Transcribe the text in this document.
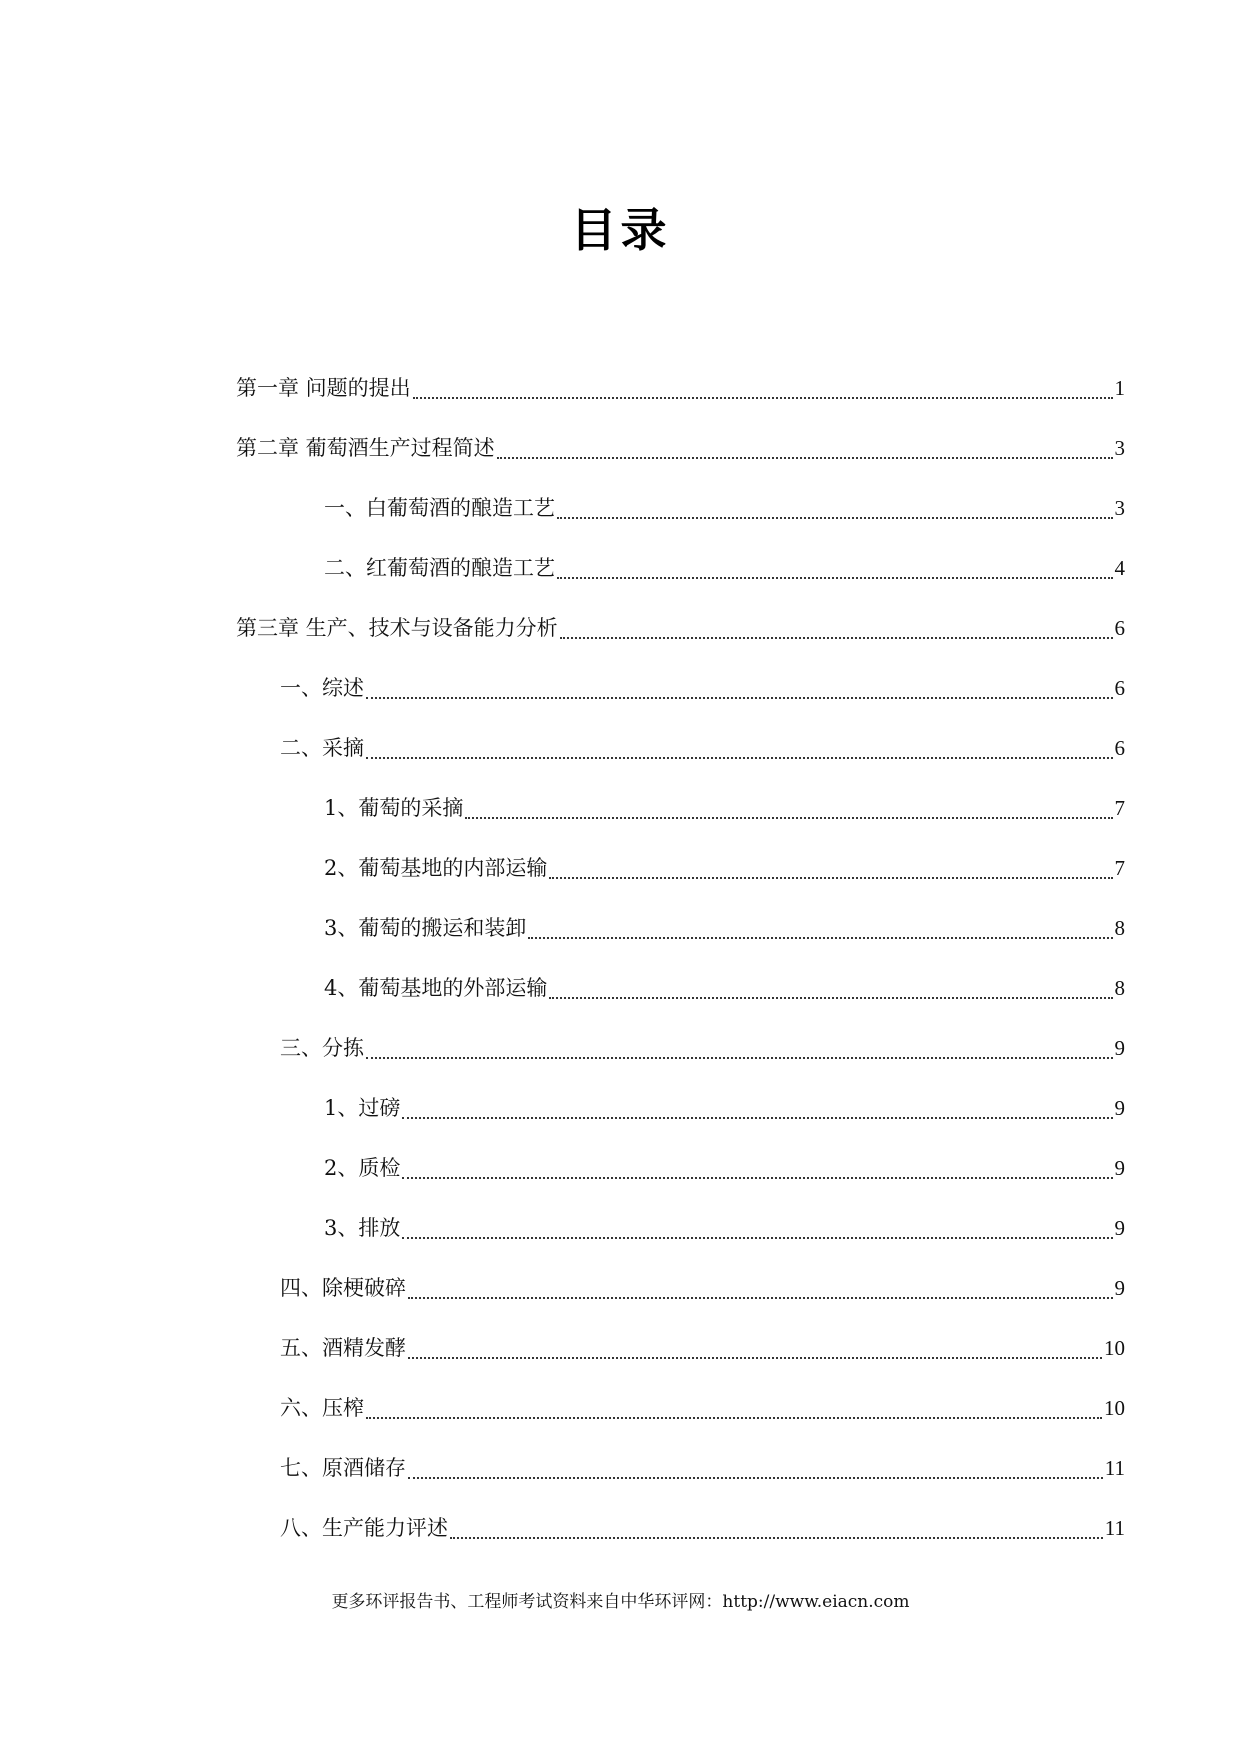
目录
第一章 问题的提出	1
第二章 葡萄酒生产过程简述	3
一、白葡萄酒的酿造工艺	3
二、红葡萄酒的酿造工艺	4
第三章 生产、技术与设备能力分析	6
一、综述	6
二、采摘	6
1、葡萄的采摘	7
2、葡萄基地的内部运输	7
3、葡萄的搬运和装卸	8
4、葡萄基地的外部运输	8
三、分拣	9
1、过磅	9
2、质检	9
3、排放	9
四、除梗破碎	9
五、酒精发酵	10
六、压榨	10
七、原酒储存	11
八、生产能力评述	11
更多环评报告书、工程师考试资料来自中华环评网：http://www.eiacn.com
